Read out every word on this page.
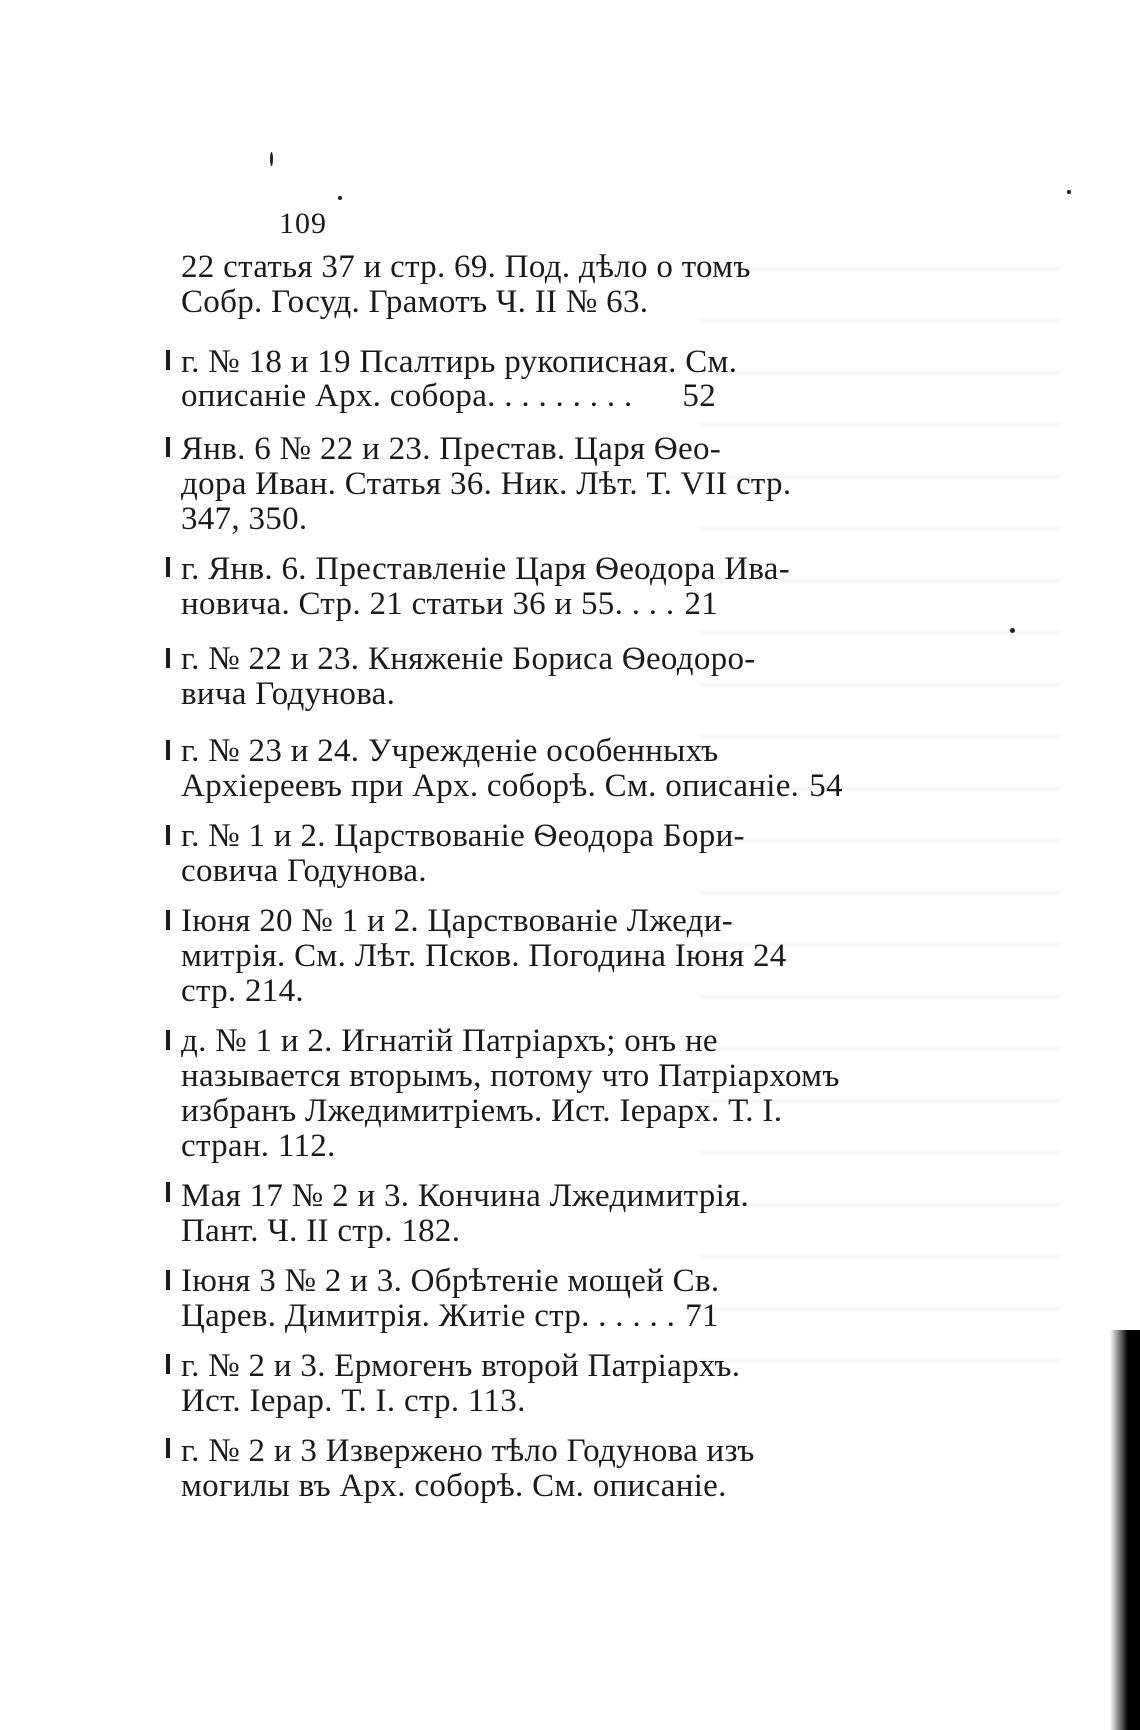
109
22 статья 37 и стр. 69. Под. дѣло о томъ
Собр. Госуд. Грамотъ Ч. II № 63.
г. № 18 и 19 Псалтирь рукописная. См.
описаніе Арх. собора. . . . . . . . .	52
Янв. 6 № 22 и 23. Престав. Царя Ѳео-
дора Иван. Статья 36. Ник. Лѣт. Т. VII стр.
347, 350.
г. Янв. 6. Преставленіе Царя Ѳеодора Ива-
новича. Стр. 21 статьи 36 и 55. . . . 21
г. № 22 и 23. Княженіе Бориса Ѳеодоро-
вича Годунова.
г. № 23 и 24. Учрежденіе особенныхъ
Архіереевъ при Арх. соборѣ. См. описаніе. 54
г. № 1 и 2. Царствованіе Ѳеодора Бори-
совича Годунова.
Іюня 20 № 1 и 2. Царствованіе Лжеди-
митрія. См. Лѣт. Псков. Погодина Іюня 24
стр. 214.
д. № 1 и 2. Игнатій Патріархъ; онъ не
называется вторымъ, потому что Патріархомъ
избранъ Лжедимитріемъ. Ист. Іерарх. Т. I.
стран. 112.
Мая 17 № 2 и 3. Кончина Лжедимитрія.
Пант. Ч. II стр. 182.
Іюня 3 № 2 и 3. Обрѣтеніе мощей Св.
Царев. Димитрія. Житіе стр. . . . . . 71
г. № 2 и 3. Ермогенъ второй Патріархъ.
Ист. Іерар. Т. I. стр. 113.
г. № 2 и 3 Извержено тѣло Годунова изъ
могилы въ Арх. соборѣ. См. описаніе.
